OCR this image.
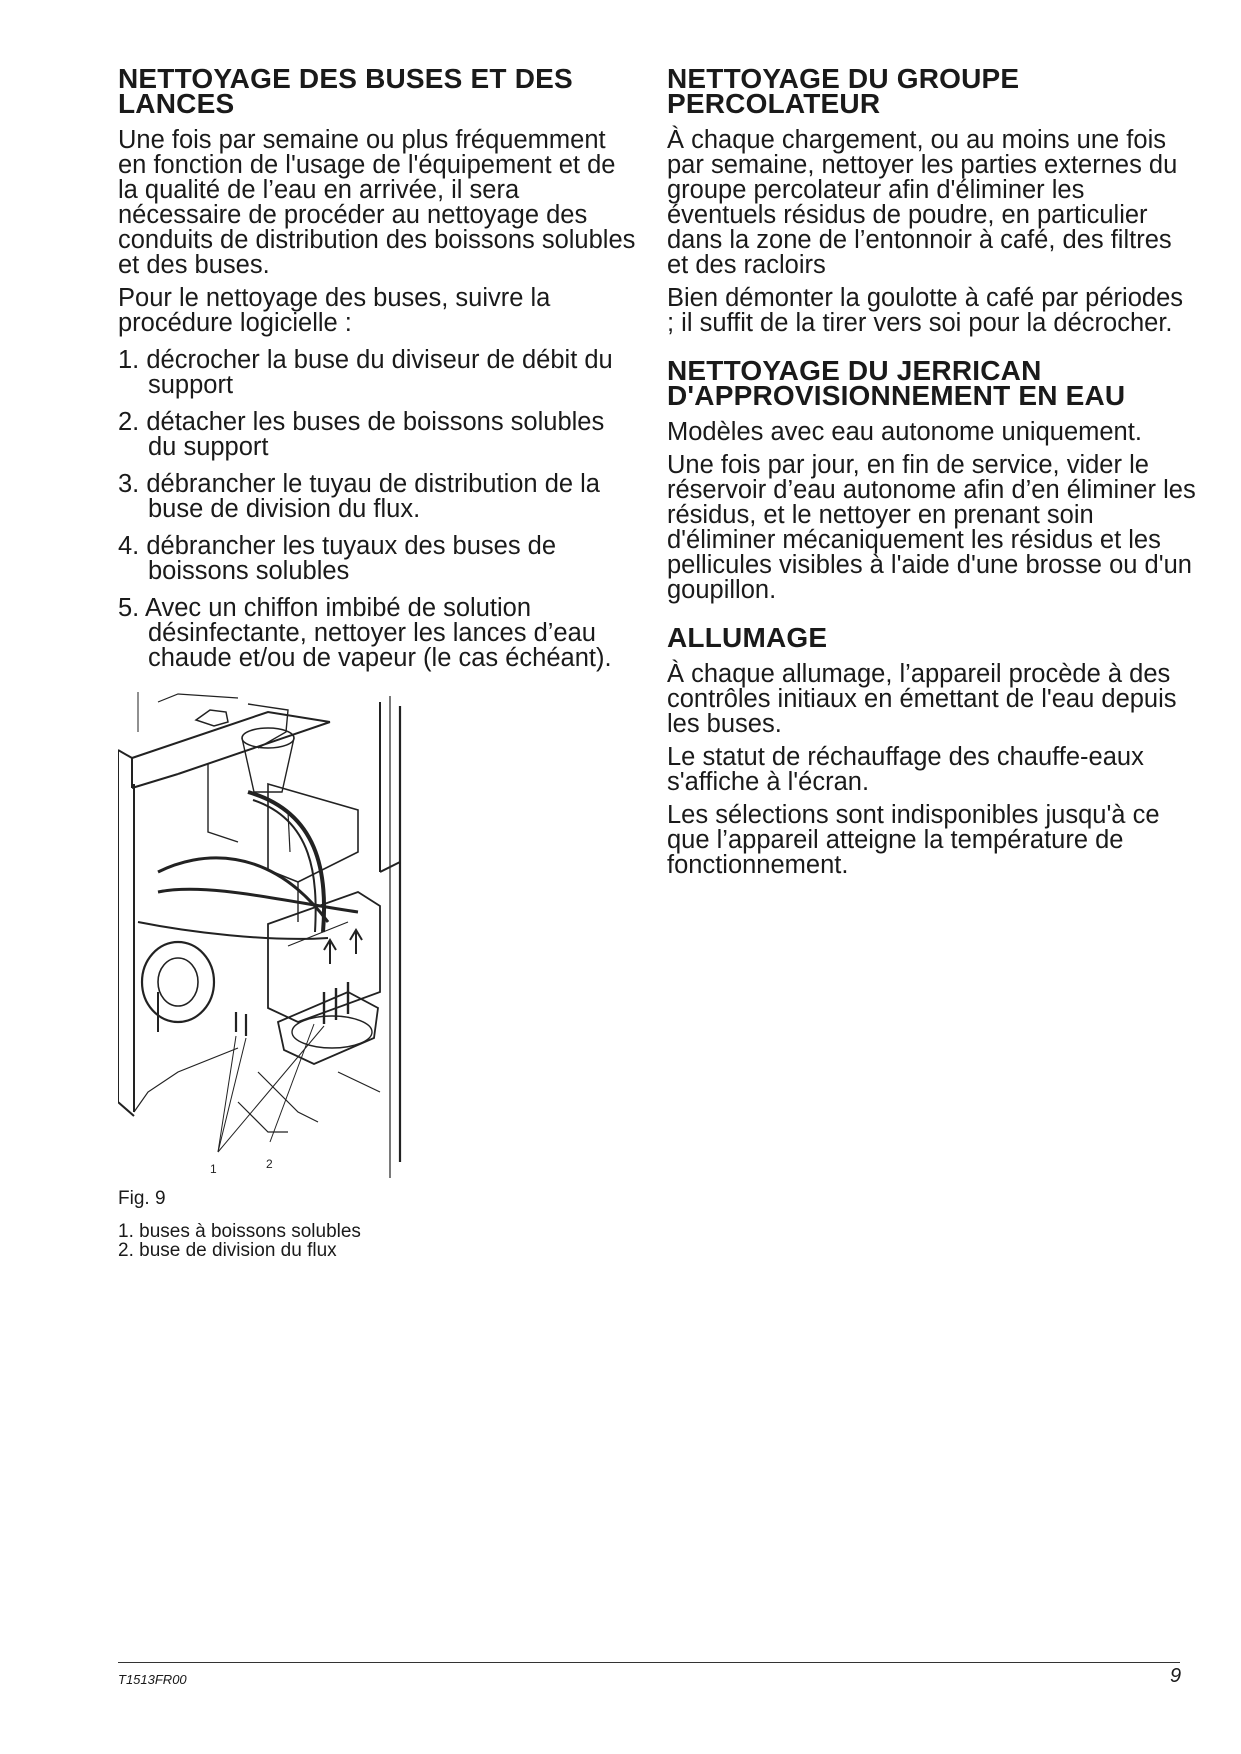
NETTOYAGE DES BUSES ET DES LANCES

Une fois par semaine ou plus fréquemment en fonction de l'usage de l'équipement et de la qualité de l’eau en arrivée, il sera nécessaire de procéder au nettoyage des conduits de distribution des boissons solubles et des buses.

Pour le nettoyage des buses, suivre la procédure logicielle :

1. décrocher la buse du diviseur de débit du support
2. détacher les buses de boissons solubles du support
3. débrancher le tuyau de distribution de la buse de division du flux.
4. débrancher les tuyaux des buses de boissons solubles
5. Avec un chiffon imbibé de solution désinfectante, nettoyer les lances d’eau chaude et/ou de vapeur (le cas échéant).
1	2
Fig. 9
1. buses à boissons solubles
2. buse de division du flux
NETTOYAGE DU GROUPE PERCOLATEUR

À chaque chargement, ou au moins une fois par semaine, nettoyer les parties externes du groupe percolateur afin d'éliminer les éventuels résidus de poudre, en particulier dans la zone de l’entonnoir à café, des filtres et des racloirs

Bien démonter la goulotte à café par périodes ; il suffit de la tirer vers soi pour la décrocher.

NETTOYAGE DU JERRICAN D'APPROVISIONNEMENT EN EAU

Modèles avec eau autonome uniquement.

Une fois par jour, en fin de service, vider le réservoir d’eau autonome afin d’en éliminer les résidus, et le nettoyer en prenant soin d'éliminer mécaniquement les résidus et les pellicules visibles à l'aide d'une brosse ou d'un goupillon.

ALLUMAGE

À chaque allumage, l’appareil procède à des contrôles initiaux en émettant de l'eau depuis les buses.

Le statut de réchauffage des chauffe-eaux s'affiche à l'écran.

Les sélections sont indisponibles jusqu'à ce que l’appareil atteigne la température de fonctionnement.

T1513FR00	9
